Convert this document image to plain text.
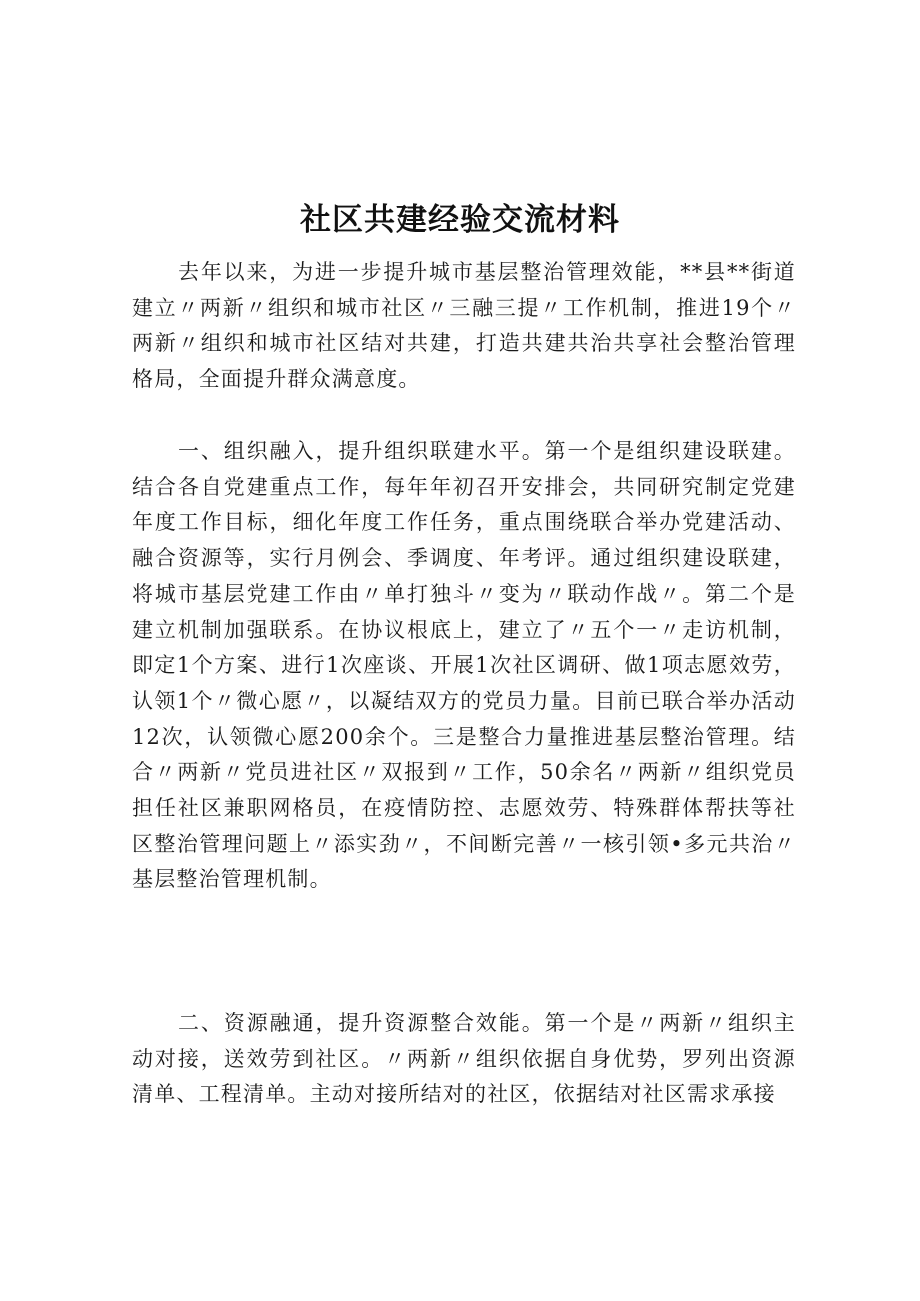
社区共建经验交流材料
去年以来，为进一步提升城市基层整治管理效能，**县**街道建立〃两新〃组织和城市社区〃三融三提〃工作机制，推进19个〃两新〃组织和城市社区结对共建，打造共建共治共享社会整治管理格局，全面提升群众满意度。
一、组织融入，提升组织联建水平。第一个是组织建设联建。结合各自党建重点工作，每年年初召开安排会，共同研究制定党建年度工作目标，细化年度工作任务，重点围绕联合举办党建活动、融合资源等，实行月例会、季调度、年考评。通过组织建设联建，将城市基层党建工作由〃单打独斗〃变为〃联动作战〃。第二个是建立机制加强联系。在协议根底上，建立了〃五个一〃走访机制，即定1个方案、进行1次座谈、开展1次社区调研、做1项志愿效劳，认领1个〃微心愿〃，以凝结双方的党员力量。目前已联合举办活动12次，认领微心愿200余个。三是整合力量推进基层整治管理。结合〃两新〃党员进社区〃双报到〃工作，50余名〃两新〃组织党员担任社区兼职网格员，在疫情防控、志愿效劳、特殊群体帮扶等社区整治管理问题上〃添实劲〃，不间断完善〃一核引领•多元共治〃基层整治管理机制。
二、资源融通，提升资源整合效能。第一个是〃两新〃组织主动对接，送效劳到社区。〃两新〃组织依据自身优势，罗列出资源清单、工程清单。主动对接所结对的社区，依据结对社区需求承接
